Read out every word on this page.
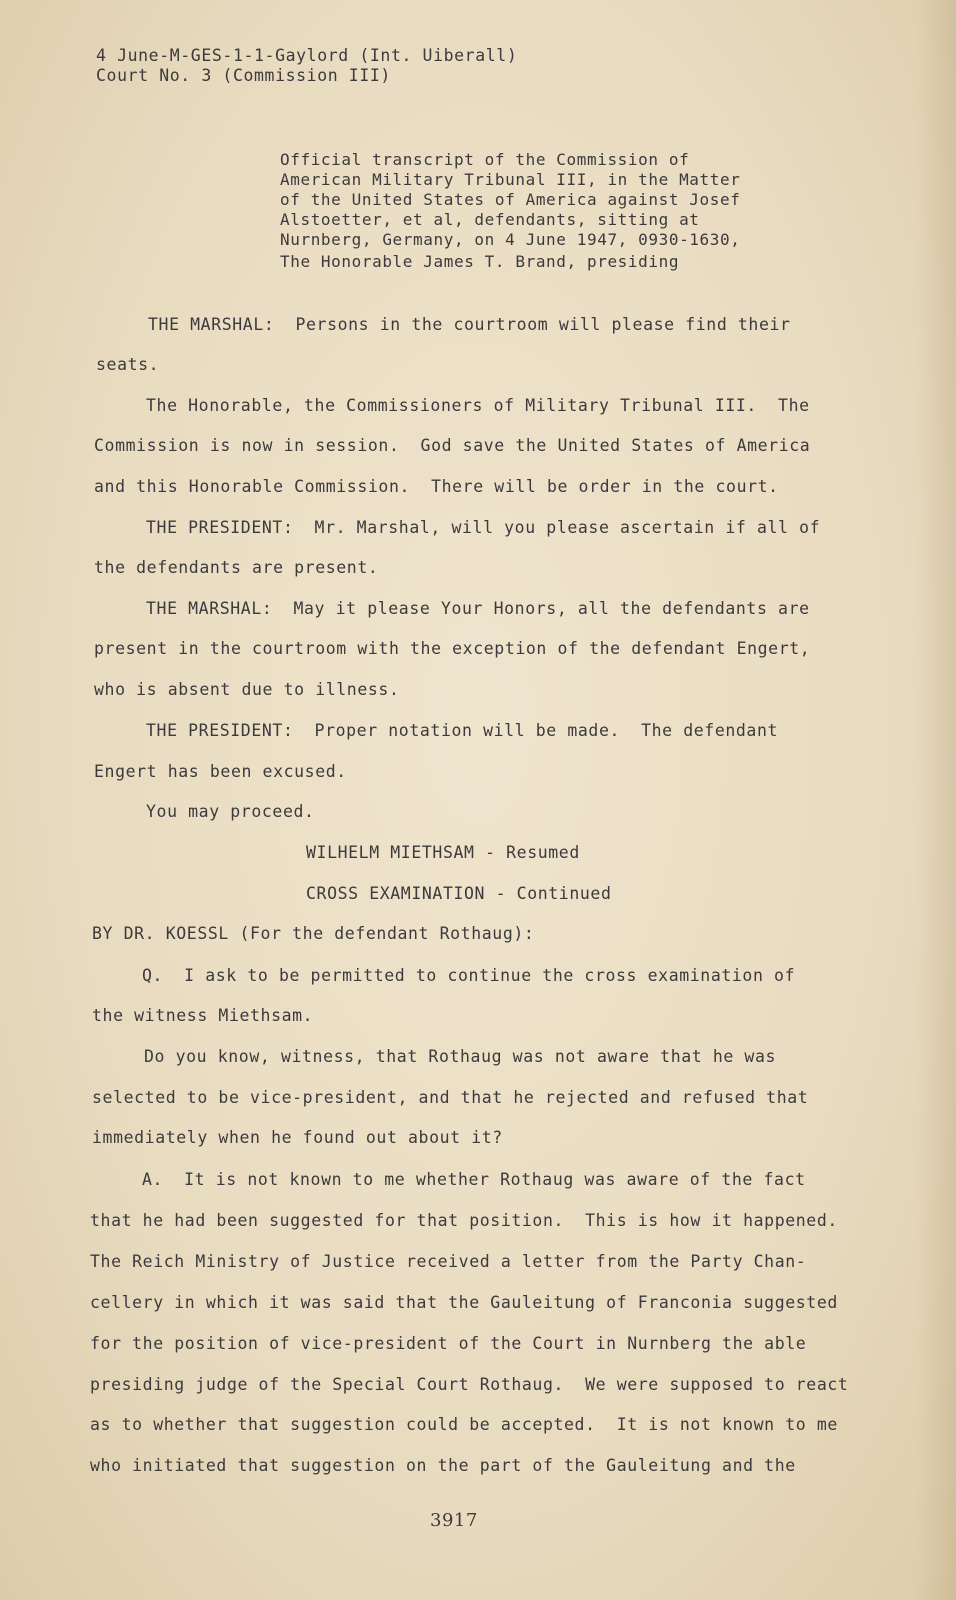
4 June-M-GES-1-1-Gaylord (Int. Uiberall)
Court No. 3 (Commission III)
Official transcript of the Commission of
American Military Tribunal III, in the Matter
of the United States of America against Josef
Alstoetter, et al, defendants, sitting at
Nurnberg, Germany, on 4 June 1947, 0930-1630,
The Honorable James T. Brand, presiding
THE MARSHAL:  Persons in the courtroom will please find their
seats.
The Honorable, the Commissioners of Military Tribunal III.  The
Commission is now in session.  God save the United States of America
and this Honorable Commission.  There will be order in the court.
THE PRESIDENT:  Mr. Marshal, will you please ascertain if all of
the defendants are present.
THE MARSHAL:  May it please Your Honors, all the defendants are
present in the courtroom with the exception of the defendant Engert,
who is absent due to illness.
THE PRESIDENT:  Proper notation will be made.  The defendant
Engert has been excused.
You may proceed.
WILHELM MIETHSAM - Resumed
CROSS EXAMINATION - Continued
BY DR. KOESSL (For the defendant Rothaug):
Q.  I ask to be permitted to continue the cross examination of
the witness Miethsam.
Do you know, witness, that Rothaug was not aware that he was
selected to be vice-president, and that he rejected and refused that
immediately when he found out about it?
A.  It is not known to me whether Rothaug was aware of the fact
that he had been suggested for that position.  This is how it happened.
The Reich Ministry of Justice received a letter from the Party Chan-
cellery in which it was said that the Gauleitung of Franconia suggested
for the position of vice-president of the Court in Nurnberg the able
presiding judge of the Special Court Rothaug.  We were supposed to react
as to whether that suggestion could be accepted.  It is not known to me
who initiated that suggestion on the part of the Gauleitung and the
3917
